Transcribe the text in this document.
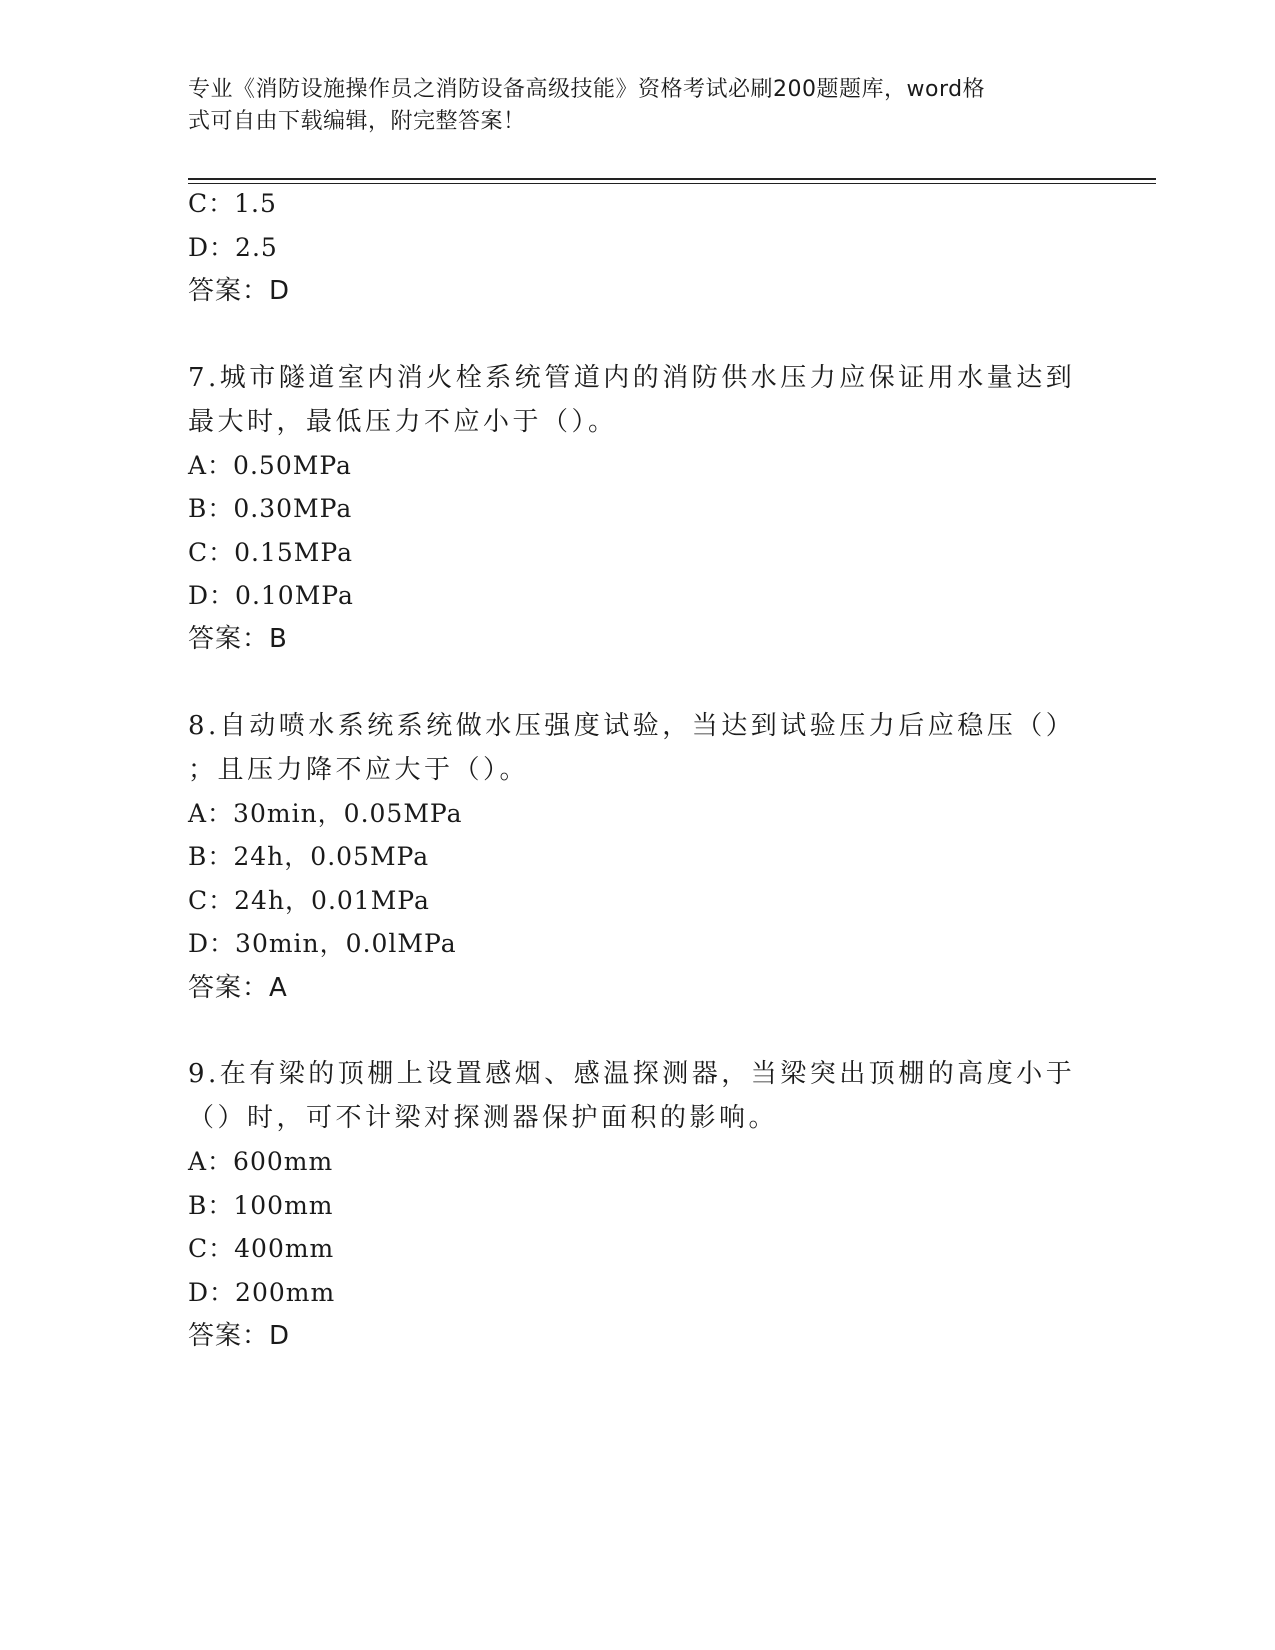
专业《消防设施操作员之消防设备高级技能》资格考试必刷200题题库，word格
式可自由下载编辑，附完整答案！
C：1.5
D：2.5
答案：D
7.城市隧道室内消火栓系统管道内的消防供水压力应保证用水量达到
最大时，最低压力不应小于（）。
A：0.50MPa
B：0.30MPa
C：0.15MPa
D：0.10MPa
答案：B
8.自动喷水系统系统做水压强度试验，当达到试验压力后应稳压（）
；且压力降不应大于（）。
A：30min，0.05MPa
B：24h，0.05MPa
C：24h，0.01MPa
D：30min，0.0lMPa
答案：A
9.在有梁的顶棚上设置感烟、感温探测器，当梁突出顶棚的高度小于
（）时，可不计梁对探测器保护面积的影响。
A：600mm
B：100mm
C：400mm
D：200mm
答案：D
